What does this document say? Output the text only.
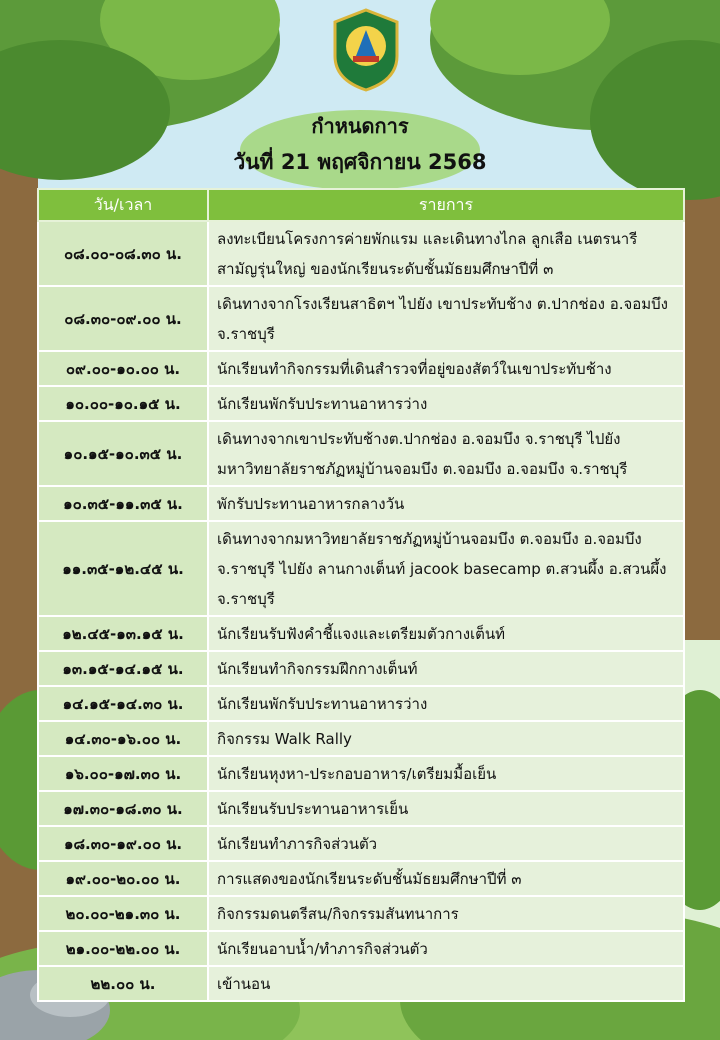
กำหนดการ
วันที่ 21 พฤศจิกายน 2568
วัน/เวลา	รายการ
๐๘.๐๐-๐๘.๓๐ น.	ลงทะเบียนโครงการค่ายพักแรม และเดินทางไกล ลูกเสือ เนตรนารีสามัญรุ่นใหญ่ ของนักเรียนระดับชั้นมัธยมศึกษาปีที่ ๓
๐๘.๓๐-๐๙.๐๐ น.	เดินทางจากโรงเรียนสาธิตฯ ไปยัง เขาประทับช้าง ต.ปากช่อง อ.จอมบึง จ.ราชบุรี
๐๙.๐๐-๑๐.๐๐ น.	นักเรียนทำกิจกรรมที่เดินสำรวจที่อยู่ของสัตว์ในเขาประทับช้าง
๑๐.๐๐-๑๐.๑๕ น.	นักเรียนพักรับประทานอาหารว่าง
๑๐.๑๕-๑๐.๓๕ น.	เดินทางจากเขาประทับช้างต.ปากช่อง อ.จอมบึง จ.ราชบุรี ไปยังมหาวิทยาลัยราชภัฏหมู่บ้านจอมบึง ต.จอมบึง อ.จอมบึง จ.ราชบุรี
๑๐.๓๕-๑๑.๓๕ น.	พักรับประทานอาหารกลางวัน
๑๑.๓๕-๑๒.๔๕ น.	เดินทางจากมหาวิทยาลัยราชภัฏหมู่บ้านจอมบึง ต.จอมบึง อ.จอมบึง จ.ราชบุรี ไปยัง ลานกางเต็นท์ jacook basecamp ต.สวนผึ้ง อ.สวนผึ้ง จ.ราชบุรี
๑๒.๔๕-๑๓.๑๕ น.	นักเรียนรับฟังคำชี้แจงและเตรียมตัวกางเต็นท์
๑๓.๑๕-๑๔.๑๕ น.	นักเรียนทำกิจกรรมฝึกกางเต็นท์
๑๔.๑๕-๑๔.๓๐ น.	นักเรียนพักรับประทานอาหารว่าง
๑๔.๓๐-๑๖.๐๐ น.	กิจกรรม Walk Rally
๑๖.๐๐-๑๗.๓๐ น.	นักเรียนหุงหา-ประกอบอาหาร/เตรียมมื้อเย็น
๑๗.๓๐-๑๘.๓๐ น.	นักเรียนรับประทานอาหารเย็น
๑๘.๓๐-๑๙.๐๐ น.	นักเรียนทำภารกิจส่วนตัว
๑๙.๐๐-๒๐.๐๐ น.	การแสดงของนักเรียนระดับชั้นมัธยมศึกษาปีที่ ๓
๒๐.๐๐-๒๑.๓๐ น.	กิจกรรมดนตรีสน/กิจกรรมสันทนาการ
๒๑.๐๐-๒๒.๐๐ น.	นักเรียนอาบน้ำ/ทำภารกิจส่วนตัว
๒๒.๐๐ น.	เข้านอน
